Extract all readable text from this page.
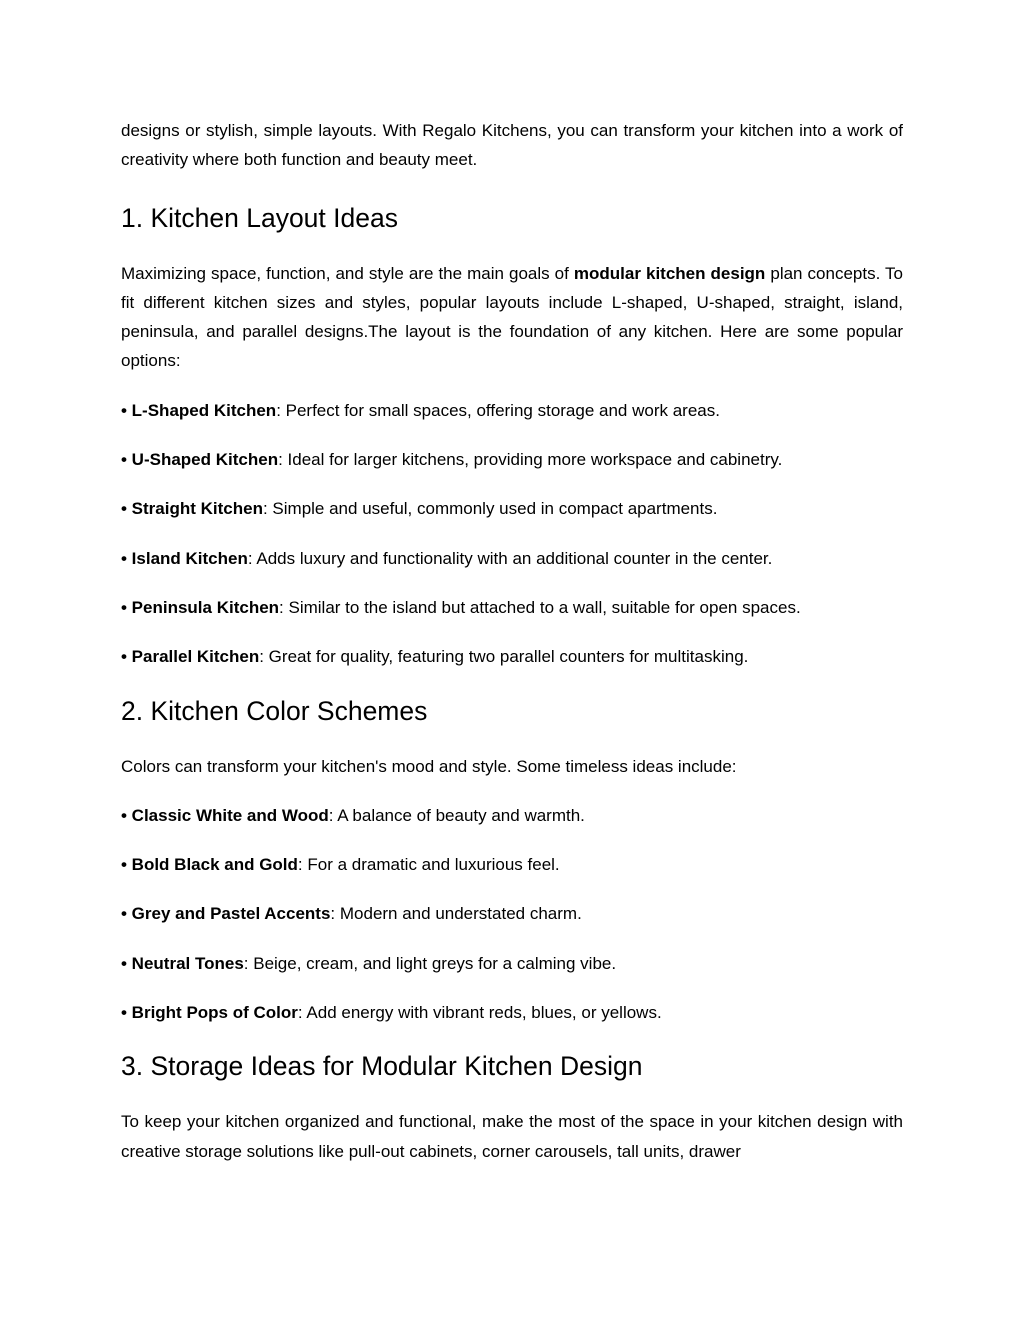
designs or stylish, simple layouts. With Regalo Kitchens, you can transform your kitchen into a work of creativity where both function and beauty meet.

1. Kitchen Layout Ideas

Maximizing space, function, and style are the main goals of modular kitchen design plan concepts. To fit different kitchen sizes and styles, popular layouts include L-shaped, U-shaped, straight, island, peninsula, and parallel designs.The layout is the foundation of any kitchen. Here are some popular options:

• L-Shaped Kitchen: Perfect for small spaces, offering storage and work areas.
• U-Shaped Kitchen: Ideal for larger kitchens, providing more workspace and cabinetry.
• Straight Kitchen: Simple and useful, commonly used in compact apartments.
• Island Kitchen: Adds luxury and functionality with an additional counter in the center.
• Peninsula Kitchen: Similar to the island but attached to a wall, suitable for open spaces.
• Parallel Kitchen: Great for quality, featuring two parallel counters for multitasking.
2. Kitchen Color Schemes

Colors can transform your kitchen's mood and style. Some timeless ideas include:

• Classic White and Wood: A balance of beauty and warmth.
• Bold Black and Gold: For a dramatic and luxurious feel.
• Grey and Pastel Accents: Modern and understated charm.
• Neutral Tones: Beige, cream, and light greys for a calming vibe.
• Bright Pops of Color: Add energy with vibrant reds, blues, or yellows.
3. Storage Ideas for Modular Kitchen Design

To keep your kitchen organized and functional, make the most of the space in your kitchen design with creative storage solutions like pull-out cabinets, corner carousels, tall units, drawer
